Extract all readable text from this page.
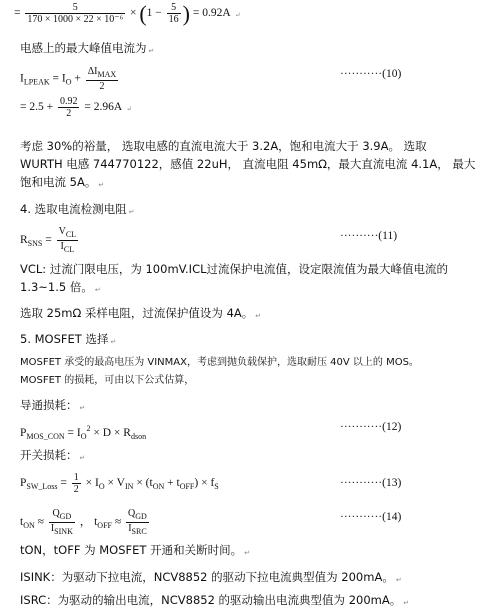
= $\frac{5}{\text{170 × 1000 × 22 × 10⁻⁶}} \times (1 - \frac{5}{16}$ ) = 0.92A ↵
电感上的最大峰值电流为 ↵
$I_{LPEAK} = I_O + \frac{\Delta I_{MAX}}{2}$	···········(10)
= $2.5 + \frac{0.92}{2} = 2.96A$ ↵
考虑 30%的裕量， 选取电感的直流电流大于 3.2A，饱和电流大于 3.9A。 选取
WURTH 电感 744770122，感值 22uH， 直流电阻 45mΩ，最大直流电流 4.1A， 最大
饱和电流 5A。 ↵
4. 选取电流检测电阻 ↵
$R_{SNS} = \frac{V_{CL}}{I_{CL}}$	··········(11)
VCL: 过流门限电压，为 100mV.ICL过流保护电流值，设定限流值为最大峰值电流的
1.3~1.5 倍。 ↵
选取 25mΩ 采样电阻，过流保护值设为 4A。 ↵
5. MOSFET 选择 ↵
MOSFET 承受的最高电压为 VINMAX，考虑到抛负载保护，选取耐压 40V 以上的 MOS。
MOSFET 的损耗，可由以下公式估算，
导通损耗： ↵
$P_{MOS\_CON} = I_O^2 \times D \times R_{dson}$
···········(12)
开关损耗： ↵
$P_{SW\_Loss} = \frac{1}{2} \times I_O \times V_{IN} \times (t_{ON} + t_{OFF}) \times f_S$	···········(13)
$t_{ON} \approx \frac{Q_{GD}}{I_{SINK}}$ ， $t_{OFF} \approx \frac{Q_{GD}}{I_{SRC}}$	···········(14)
tON，tOFF 为 MOSFET 开通和关断时间。 ↵
ISINK：为驱动下拉电流，NCV8852 的驱动下拉电流典型值为 200mA。 ↵
ISRC：为驱动的输出电流，NCV8852 的驱动输出电流典型值为 200mA。 ↵
